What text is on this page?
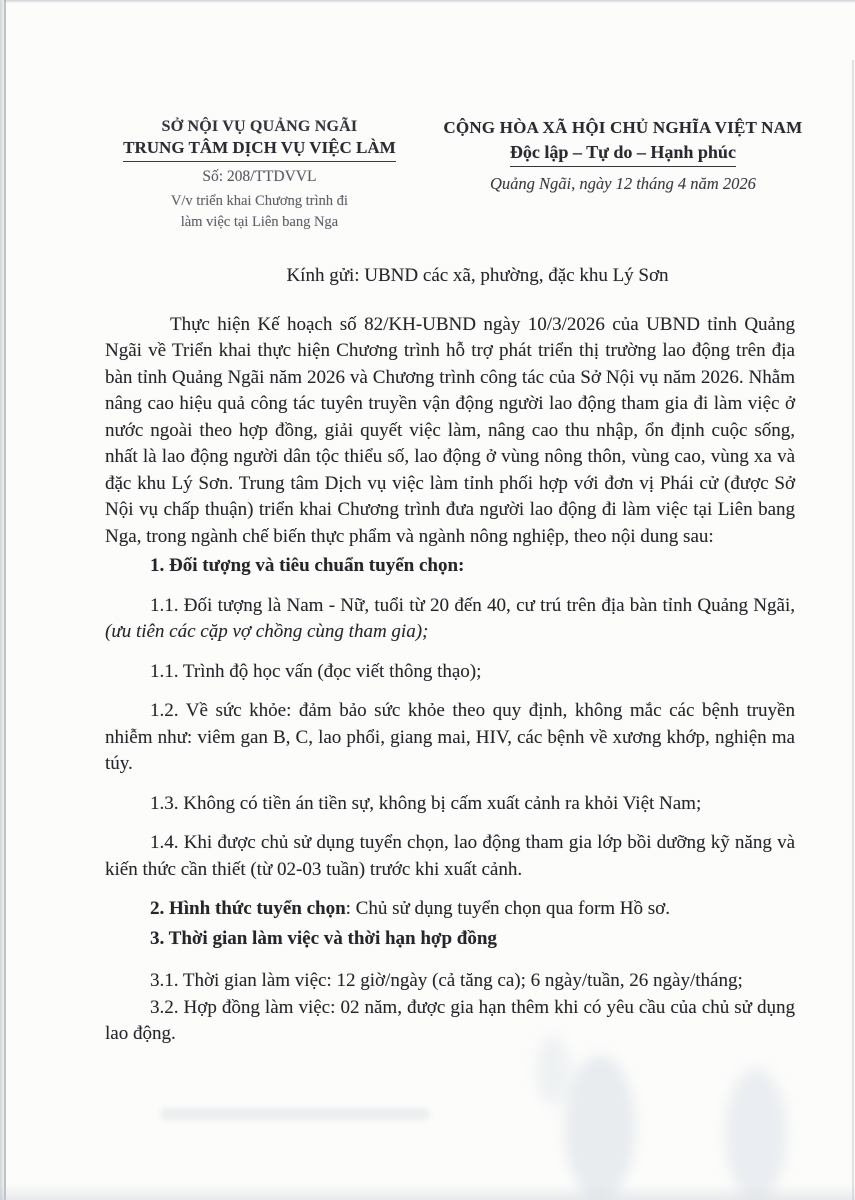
SỞ NỘI VỤ QUẢNG NGÃI
TRUNG TÂM DỊCH VỤ VIỆC LÀM
Số: 208/TTDVVL
V/v triển khai Chương trình đi
làm việc tại Liên bang Nga
CỘNG HÒA XÃ HỘI CHỦ NGHĨA VIỆT NAM
Độc lập – Tự do – Hạnh phúc
Quảng Ngãi, ngày 12 tháng 4 năm 2026

Kính gửi: UBND các xã, phường, đặc khu Lý Sơn

Thực hiện Kế hoạch số 82/KH-UBND ngày 10/3/2026 của UBND tỉnh Quảng Ngãi về Triển khai thực hiện Chương trình hỗ trợ phát triển thị trường lao động trên địa bàn tỉnh Quảng Ngãi năm 2026 và Chương trình công tác của Sở Nội vụ năm 2026. Nhằm nâng cao hiệu quả công tác tuyên truyền vận động người lao động tham gia đi làm việc ở nước ngoài theo hợp đồng, giải quyết việc làm, nâng cao thu nhập, ổn định cuộc sống, nhất là lao động người dân tộc thiểu số, lao động ở vùng nông thôn, vùng cao, vùng xa và đặc khu Lý Sơn. Trung tâm Dịch vụ việc làm tỉnh phối hợp với đơn vị Phái cử (được Sở Nội vụ chấp thuận) triển khai Chương trình đưa người lao động đi làm việc tại Liên bang Nga, trong ngành chế biến thực phẩm và ngành nông nghiệp, theo nội dung sau:

1. Đối tượng và tiêu chuẩn tuyển chọn:

1.1. Đối tượng là Nam - Nữ, tuổi từ 20 đến 40, cư trú trên địa bàn tỉnh Quảng Ngãi, (ưu tiên các cặp vợ chồng cùng tham gia);

1.1. Trình độ học vấn (đọc viết thông thạo);

1.2. Về sức khỏe: đảm bảo sức khỏe theo quy định, không mắc các bệnh truyền nhiễm như: viêm gan B, C, lao phổi, giang mai, HIV, các bệnh về xương khớp, nghiện ma túy.

1.3. Không có tiền án tiền sự, không bị cấm xuất cảnh ra khỏi Việt Nam;

1.4. Khi được chủ sử dụng tuyển chọn, lao động tham gia lớp bồi dưỡng kỹ năng và kiến thức cần thiết (từ 02-03 tuần) trước khi xuất cảnh.

2. Hình thức tuyển chọn: Chủ sử dụng tuyển chọn qua form Hồ sơ.

3. Thời gian làm việc và thời hạn hợp đồng

3.1. Thời gian làm việc: 12 giờ/ngày (cả tăng ca); 6 ngày/tuần, 26 ngày/tháng;

3.2. Hợp đồng làm việc: 02 năm, được gia hạn thêm khi có yêu cầu của chủ sử dụng lao động.
